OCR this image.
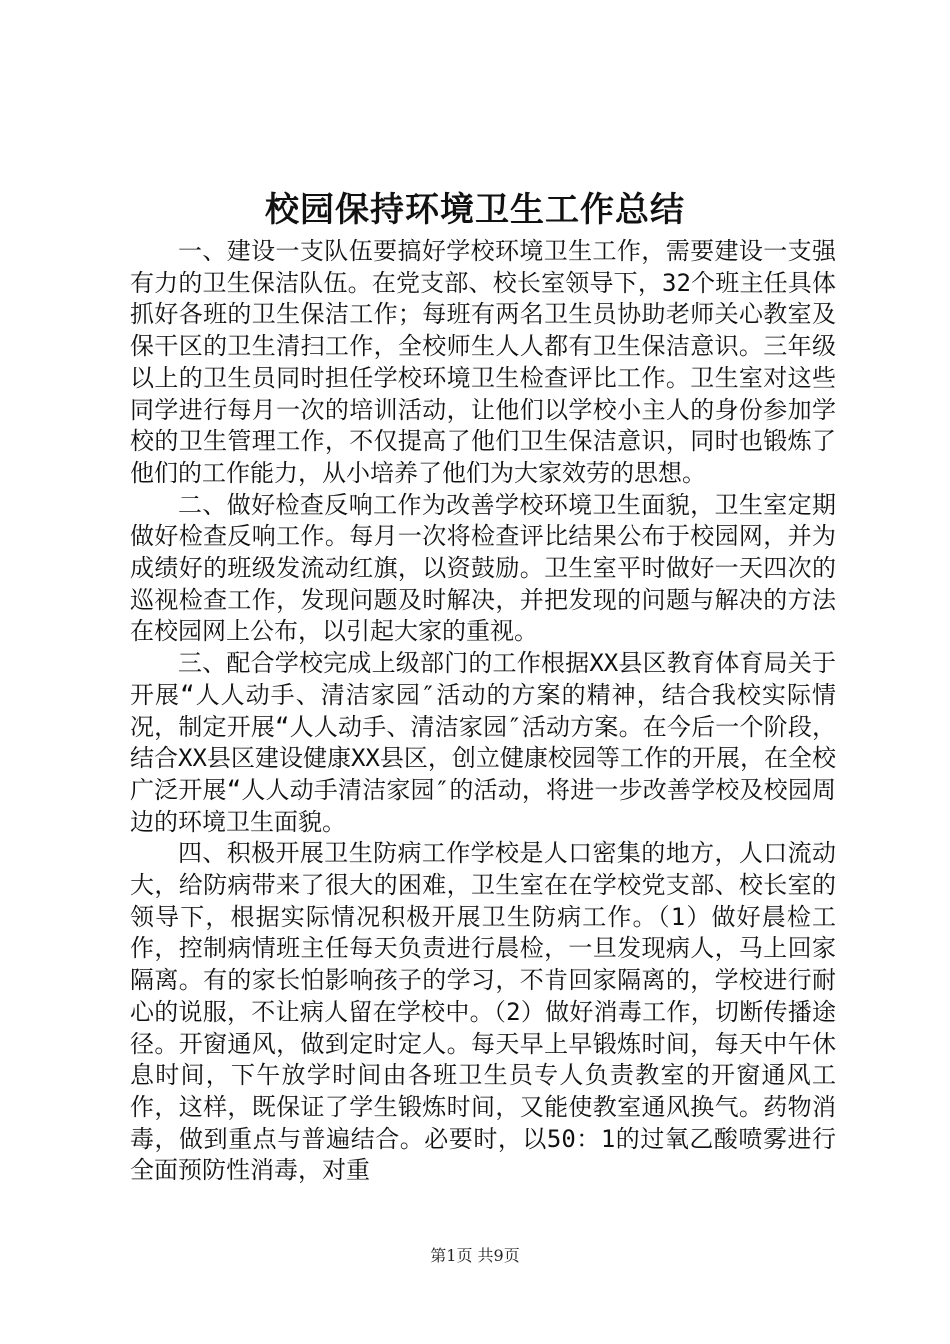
校园保持环境卫生工作总结

一、建设一支队伍要搞好学校环境卫生工作，需要建设一支强有力的卫生保洁队伍。在党支部、校长室领导下，32个班主任具体抓好各班的卫生保洁工作；每班有两名卫生员协助老师关心教室及保干区的卫生清扫工作，全校师生人人都有卫生保洁意识。三年级以上的卫生员同时担任学校环境卫生检查评比工作。卫生室对这些同学进行每月一次的培训活动，让他们以学校小主人的身份参加学校的卫生管理工作，不仅提高了他们卫生保洁意识，同时也锻炼了他们的工作能力，从小培养了他们为大家效劳的思想。

二、做好检查反响工作为改善学校环境卫生面貌，卫生室定期做好检查反响工作。每月一次将检查评比结果公布于校园网，并为成绩好的班级发流动红旗，以资鼓励。卫生室平时做好一天四次的巡视检查工作，发现问题及时解决，并把发现的问题与解决的方法在校园网上公布，以引起大家的重视。

三、配合学校完成上级部门的工作根据XX县区教育体育局关于开展“人人动手、清洁家园″活动的方案的精神，结合我校实际情况，制定开展“人人动手、清洁家园″活动方案。在今后一个阶段，结合XX县区建设健康XX县区，创立健康校园等工作的开展，在全校广泛开展“人人动手清洁家园″的活动，将进一步改善学校及校园周边的环境卫生面貌。

四、积极开展卫生防病工作学校是人口密集的地方，人口流动大，给防病带来了很大的困难，卫生室在在学校党支部、校长室的领导下，根据实际情况积极开展卫生防病工作。（1）做好晨检工作，控制病情班主任每天负责进行晨检，一旦发现病人，马上回家隔离。有的家长怕影响孩子的学习，不肯回家隔离的，学校进行耐心的说服，不让病人留在学校中。（2）做好消毒工作，切断传播途径。开窗通风，做到定时定人。每天早上早锻炼时间，每天中午休息时间，下午放学时间由各班卫生员专人负责教室的开窗通风工作，这样，既保证了学生锻炼时间，又能使教室通风换气。药物消毒，做到重点与普遍结合。必要时，以50：1的过氧乙酸喷雾进行全面预防性消毒，对重

第1页 共9页
